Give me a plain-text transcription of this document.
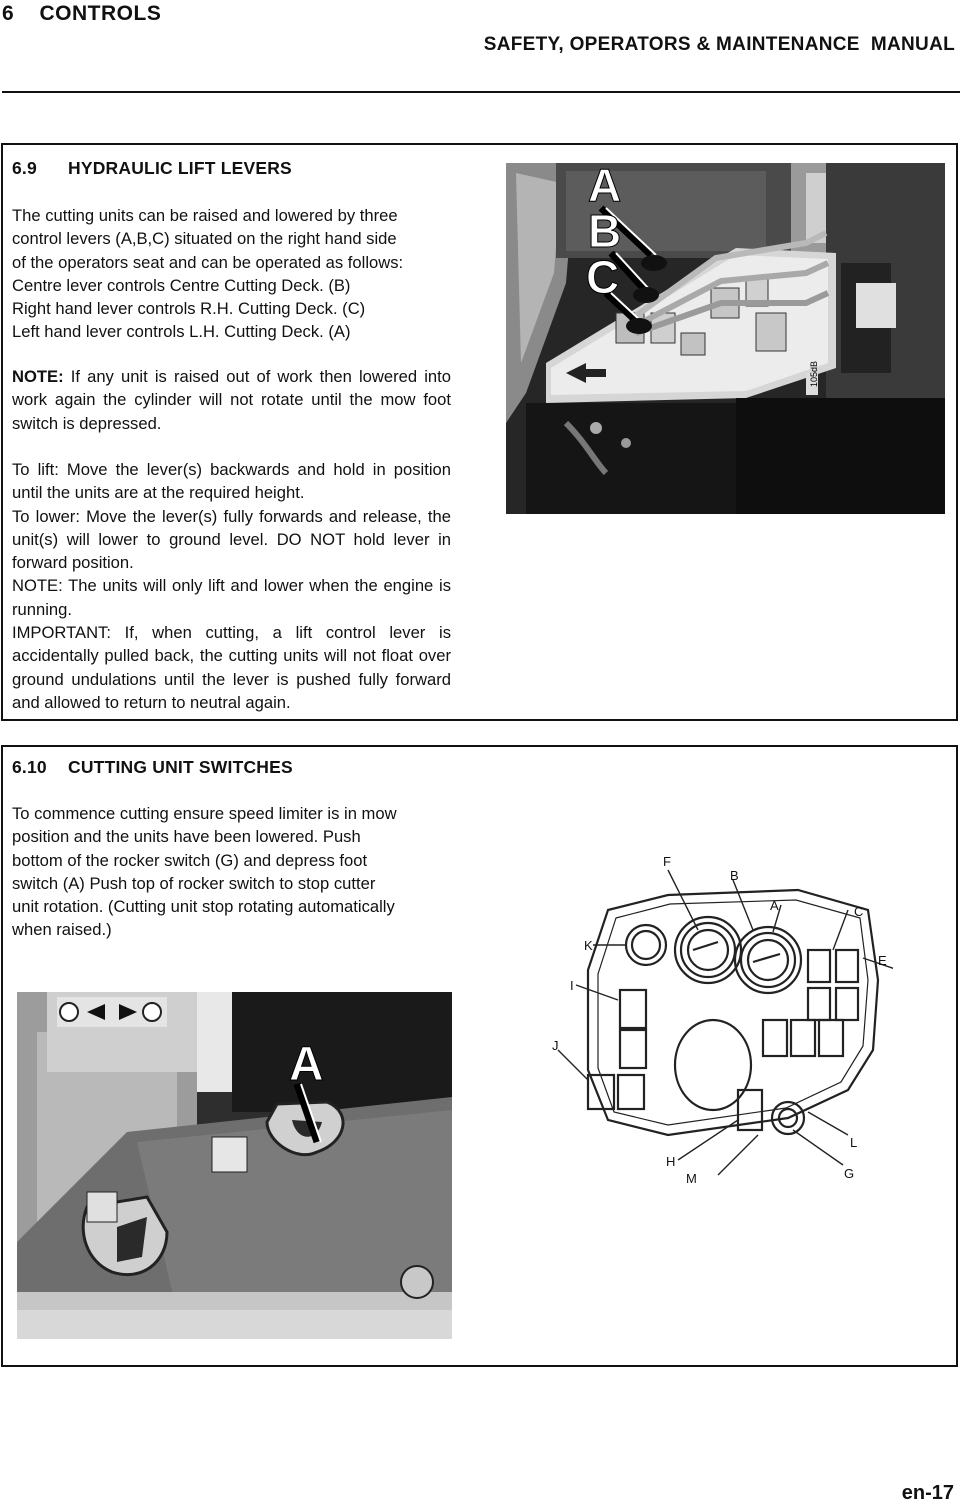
6    CONTROLS
SAFETY, OPERATORS & MAINTENANCE  MANUAL
6.9 HYDRAULIC LIFT LEVERS

The cutting units can be raised and lowered by three

control levers (A,B,C) situated on the right hand side

of the operators seat and can be operated as follows:

Centre lever controls Centre Cutting Deck. (B)

Right hand lever controls R.H. Cutting Deck. (C)

Left hand lever controls L.H. Cutting Deck. (A)

NOTE: If any unit is raised out of work then lowered into work again the cylinder will not rotate until the mow foot switch is depressed.

To lift: Move the lever(s) backwards and hold in position until the units are at the required height.

To lower: Move the lever(s) fully forwards and release, the unit(s) will lower to ground level. DO NOT hold lever in forward position.

NOTE: The units will only lift and lower when the engine is running.

IMPORTANT: If, when cutting, a lift control lever is accidentally pulled back, the cutting units will not float over ground undulations until the lever is pushed fully forward and allowed to return to neutral again.

105dB
A
B
C
6.10 CUTTING UNIT SWITCHES

To commence cutting ensure speed limiter is in mow

position and the units have been lowered. Push

bottom of the rocker switch (G) and depress foot

switch (A) Push top of rocker switch to stop cutter

unit rotation. (Cutting unit stop rotating automatically

when raised.)

F
B
A	C
E
K
I
J
L
G
H
M
A
en-17
